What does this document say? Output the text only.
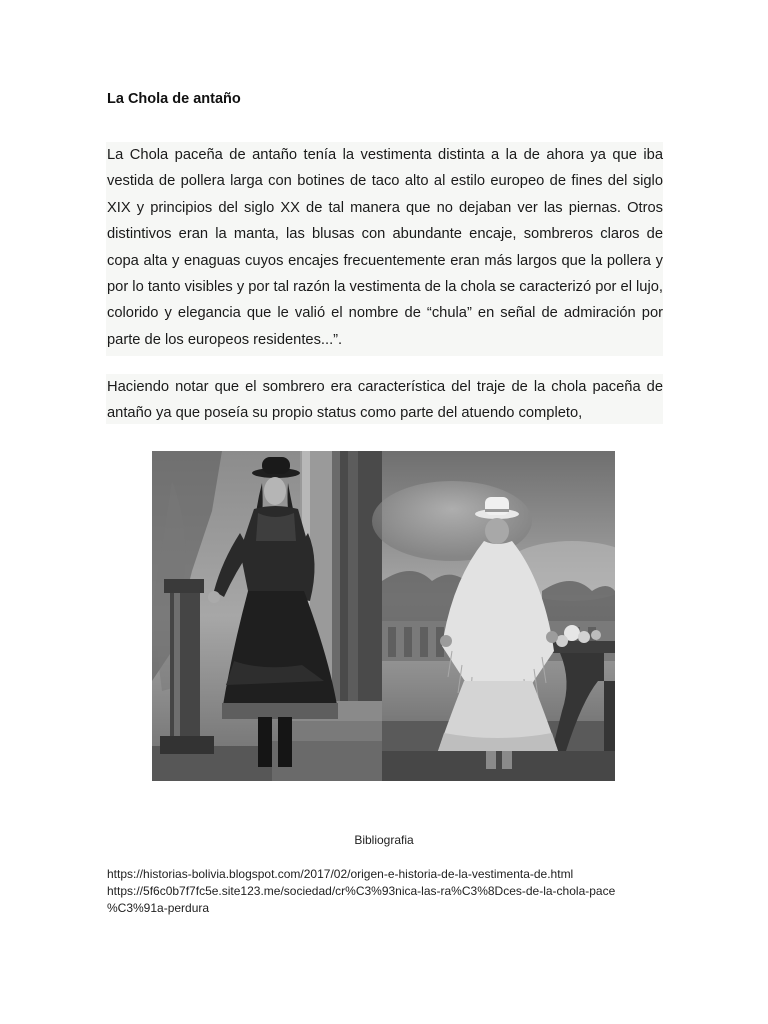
La Chola de antaño

La Chola paceña de antaño tenía la vestimenta distinta a la de ahora ya que iba vestida de pollera larga con botines de taco alto al estilo europeo de fines del siglo XIX y principios del siglo XX de tal manera que no dejaban ver las piernas. Otros distintivos eran la manta, las blusas con abundante encaje, sombreros claros de copa alta y enaguas cuyos encajes frecuentemente eran más largos que la pollera y por lo tanto visibles y por tal razón la vestimenta de la chola se caracterizó por el lujo, colorido y elegancia que le valió el nombre de “chula” en señal de admiración por parte de los europeos residentes...”.

Haciendo notar que el sombrero era característica del traje de la chola paceña de antaño ya que poseía su propio status como parte del atuendo completo,

Bibliografia

https://historias-bolivia.blogspot.com/2017/02/origen-e-historia-de-la-vestimenta-de.html
https://5f6c0b7f7fc5e.site123.me/sociedad/cr%C3%93nica-las-ra%C3%8Dces-de-la-chola-pace
%C3%91a-perdura
